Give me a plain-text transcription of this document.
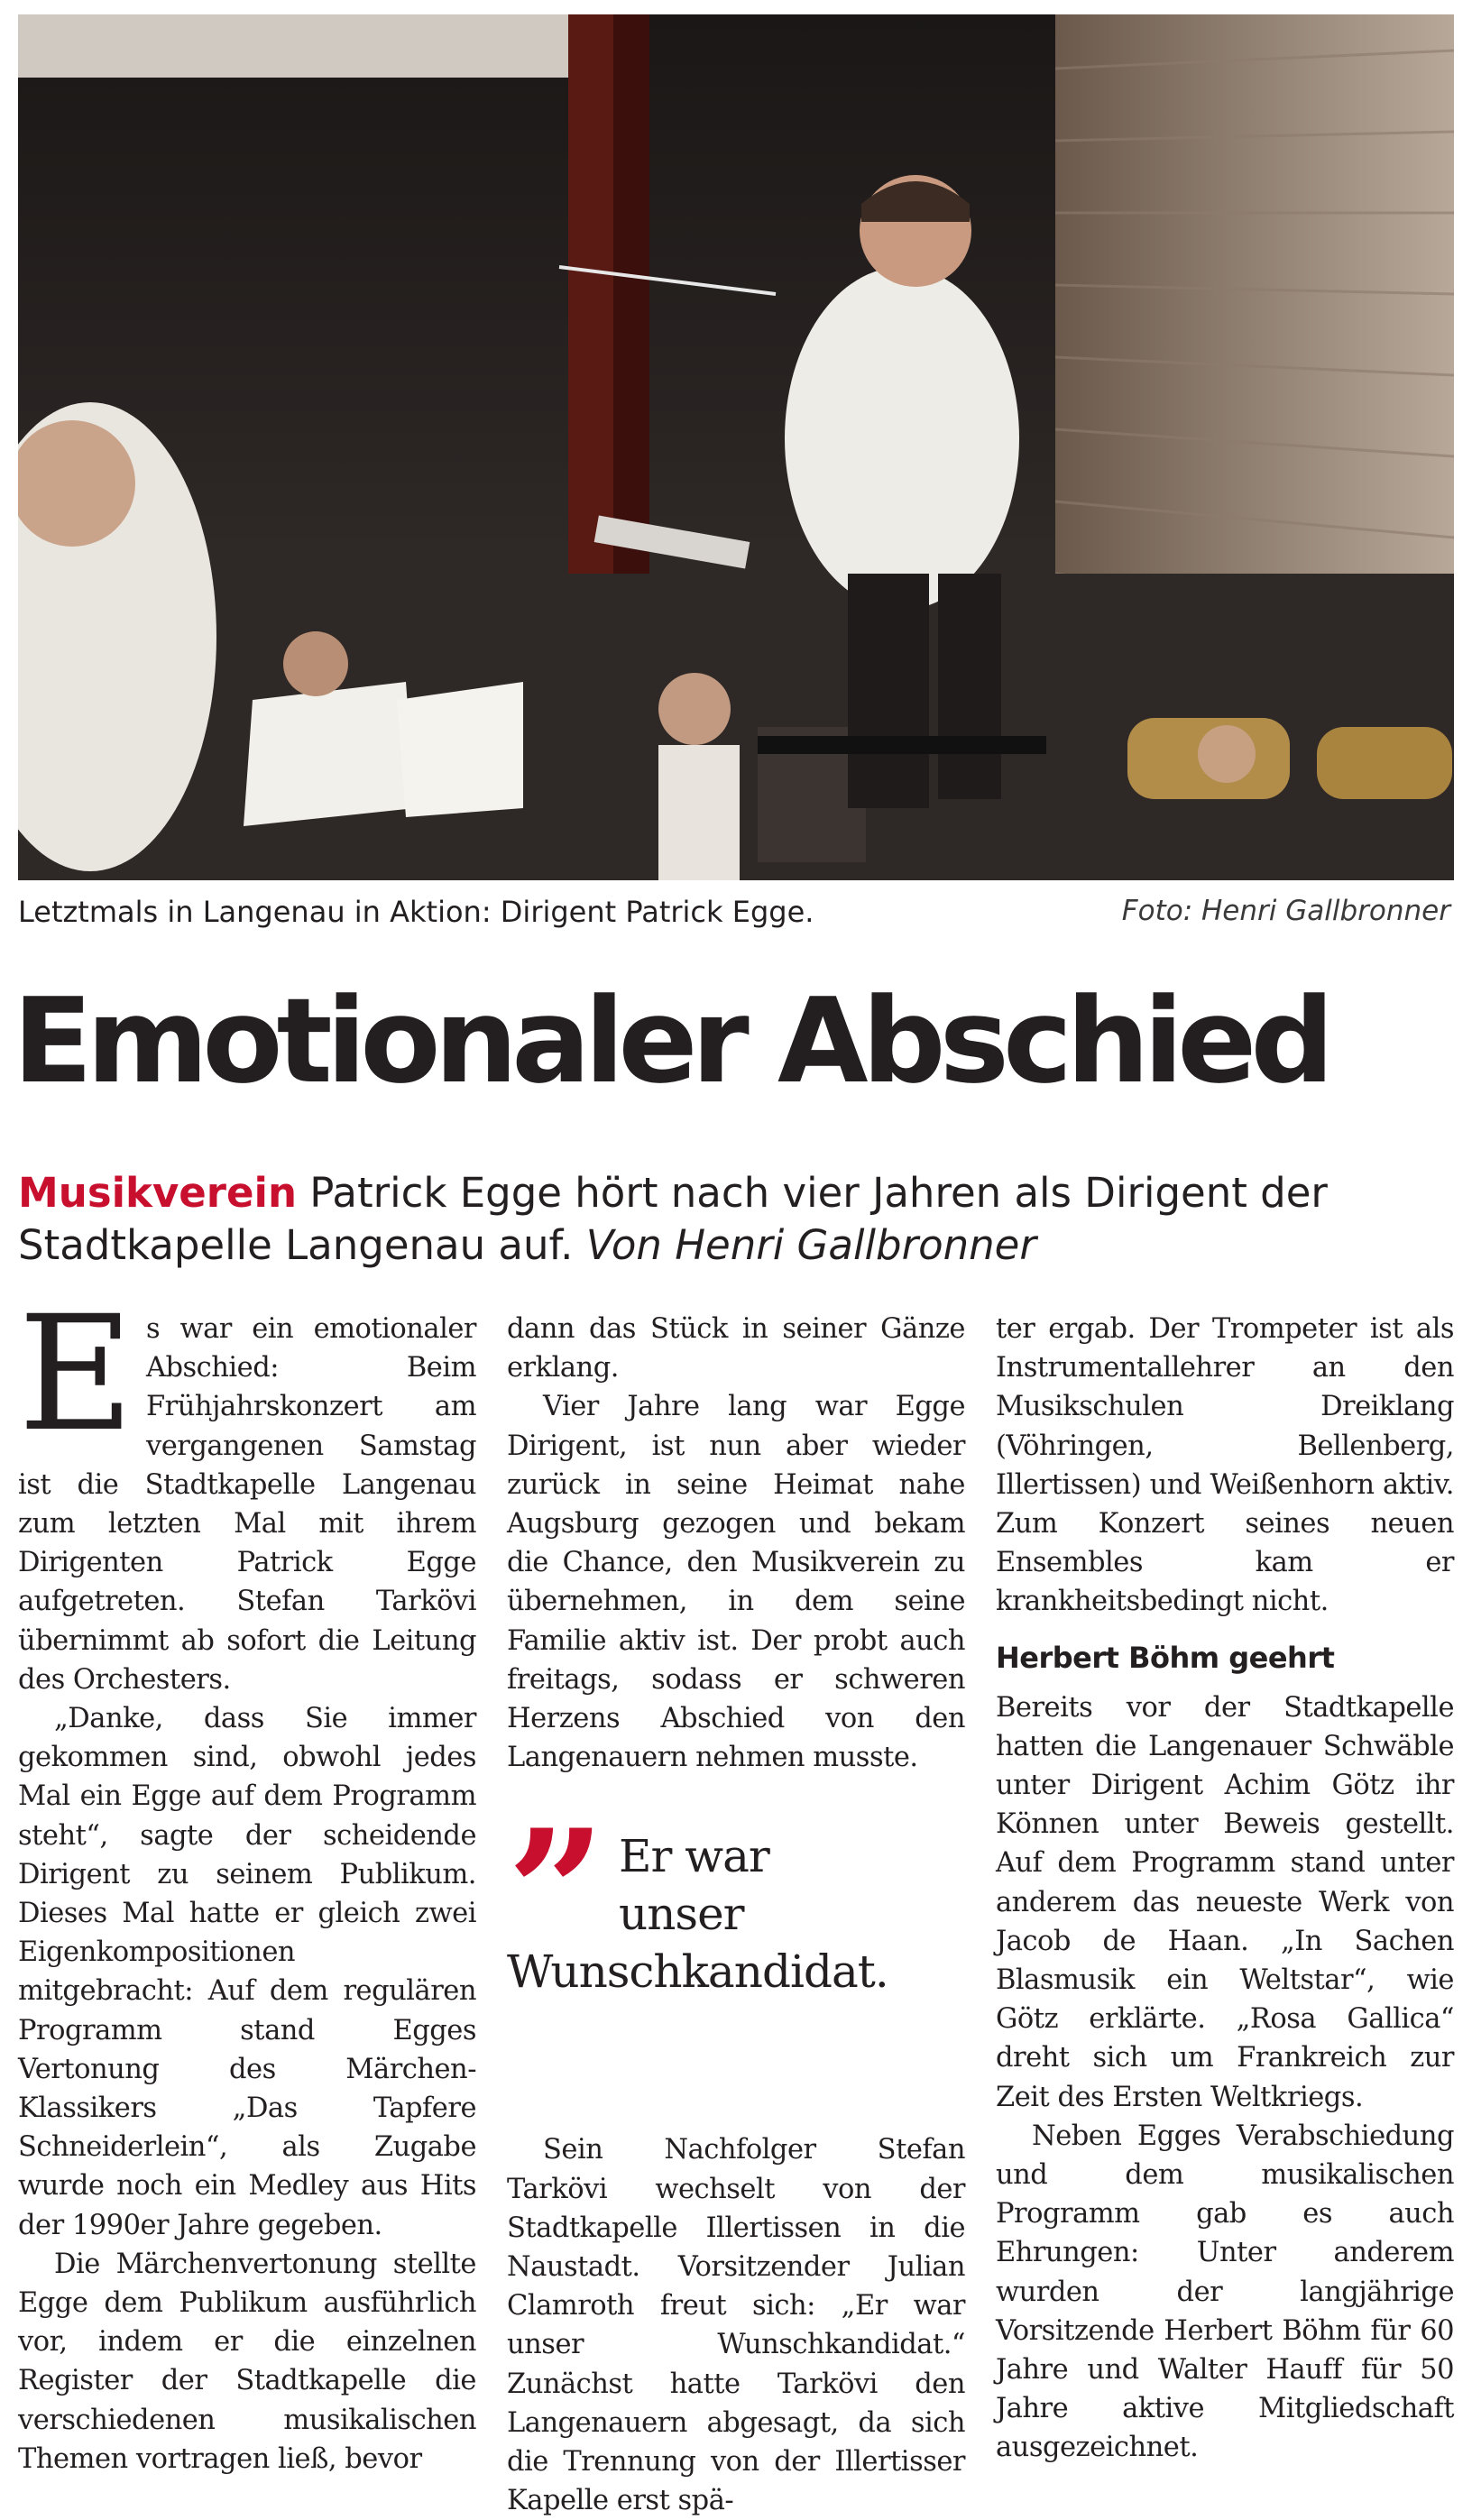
Letztmals in Langenau in Aktion: Dirigent Patrick Egge.	Foto: Henri Gallbronner
Emotionaler Abschied
Musikverein Patrick Egge hört nach vier Jahren als Dirigent der Stadtkapelle Langenau auf. Von Henri Gallbronner

Es war ein emotionaler Abschied: Beim Frühjahrskonzert am vergangenen Samstag ist die Stadtkapelle Langenau zum letzten Mal mit ihrem Dirigenten Patrick Egge aufgetreten. Stefan Tarkövi übernimmt ab sofort die Leitung des Orchesters.

„Danke, dass Sie immer gekommen sind, obwohl jedes Mal ein Egge auf dem Programm steht“, sagte der scheidende Dirigent zu seinem Publikum. Dieses Mal hatte er gleich zwei Eigenkompositionen mitgebracht: Auf dem regulären Programm stand Egges Vertonung des Märchen-Klassikers „Das Tapfere Schneiderlein“, als Zugabe wurde noch ein Medley aus Hits der 1990er Jahre gegeben.

Die Märchenvertonung stellte Egge dem Publikum ausführlich vor, indem er die einzelnen Register der Stadtkapelle die verschiedenen musikalischen Themen vortragen ließ, bevor

dann das Stück in seiner Gänze erklang.

Vier Jahre lang war Egge Dirigent, ist nun aber wieder zurück in seine Heimat nahe Augsburg gezogen und bekam die Chance, den Musikverein zu übernehmen, in dem seine Familie aktiv ist. Der probt auch freitags, sodass er schweren Herzens Abschied von den Langenauern nehmen musste.

” Er war
unser
Wunschkandidat.

Sein Nachfolger Stefan Tarkövi wechselt von der Stadtkapelle Illertissen in die Naustadt. Vorsitzender Julian Clamroth freut sich: „Er war unser Wunschkandidat.“ Zunächst hatte Tarkövi den Langenauern abgesagt, da sich die Trennung von der Illertisser Kapelle erst spä-

ter ergab. Der Trompeter ist als Instrumentallehrer an den Musikschulen Dreiklang (Vöhringen, Bellenberg, Illertissen) und Weißenhorn aktiv. Zum Konzert seines neuen Ensembles kam er krankheitsbedingt nicht.

Herbert Böhm geehrt

Bereits vor der Stadtkapelle hatten die Langenauer Schwäble unter Dirigent Achim Götz ihr Können unter Beweis gestellt. Auf dem Programm stand unter anderem das neueste Werk von Jacob de Haan. „In Sachen Blasmusik ein Weltstar“, wie Götz erklärte. „Rosa Gallica“ dreht sich um Frankreich zur Zeit des Ersten Weltkriegs.

Neben Egges Verabschiedung und dem musikalischen Programm gab es auch Ehrungen: Unter anderem wurden der langjährige Vorsitzende Herbert Böhm für 60 Jahre und Walter Hauff für 50 Jahre aktive Mitgliedschaft ausgezeichnet.
